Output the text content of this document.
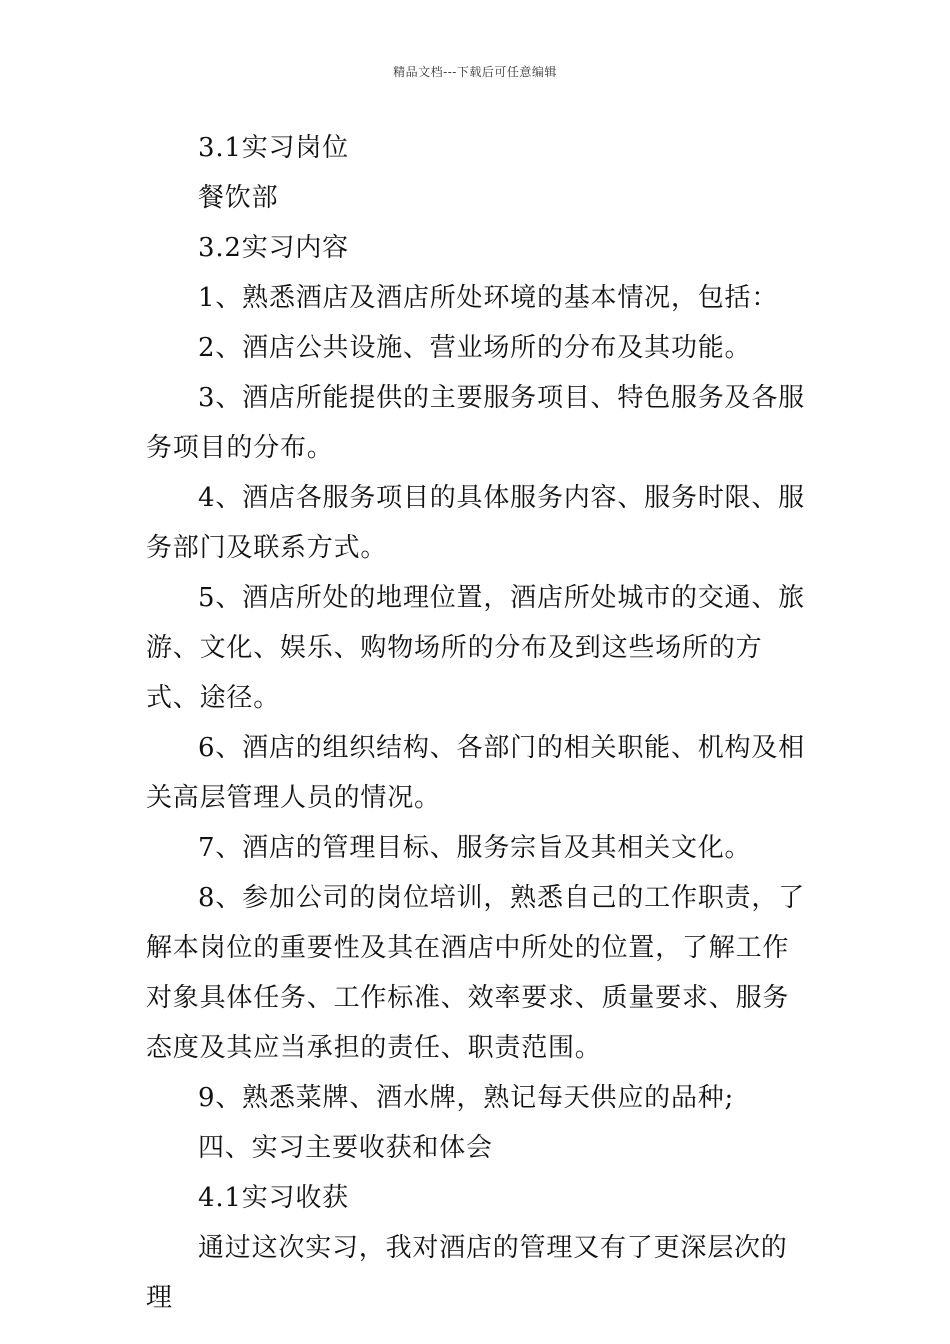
精品文档---下载后可任意编辑

3.1实习岗位

餐饮部

3.2实习内容

1、熟悉酒店及酒店所处环境的基本情况，包括：

2、酒店公共设施、营业场所的分布及其功能。

3、酒店所能提供的主要服务项目、特色服务及各服务项目的分布。

4、酒店各服务项目的具体服务内容、服务时限、服务部门及联系方式。

5、酒店所处的地理位置，酒店所处城市的交通、旅游、文化、娱乐、购物场所的分布及到这些场所的方式、途径。

6、酒店的组织结构、各部门的相关职能、机构及相关高层管理人员的情况。

7、酒店的管理目标、服务宗旨及其相关文化。

8、参加公司的岗位培训，熟悉自己的工作职责，了解本岗位的重要性及其在酒店中所处的位置，了解工作对象具体任务、工作标准、效率要求、质量要求、服务态度及其应当承担的责任、职责范围。

9、熟悉菜牌、酒水牌，熟记每天供应的品种;

四、实习主要收获和体会

4.1实习收获

通过这次实习，我对酒店的管理又有了更深层次的理
